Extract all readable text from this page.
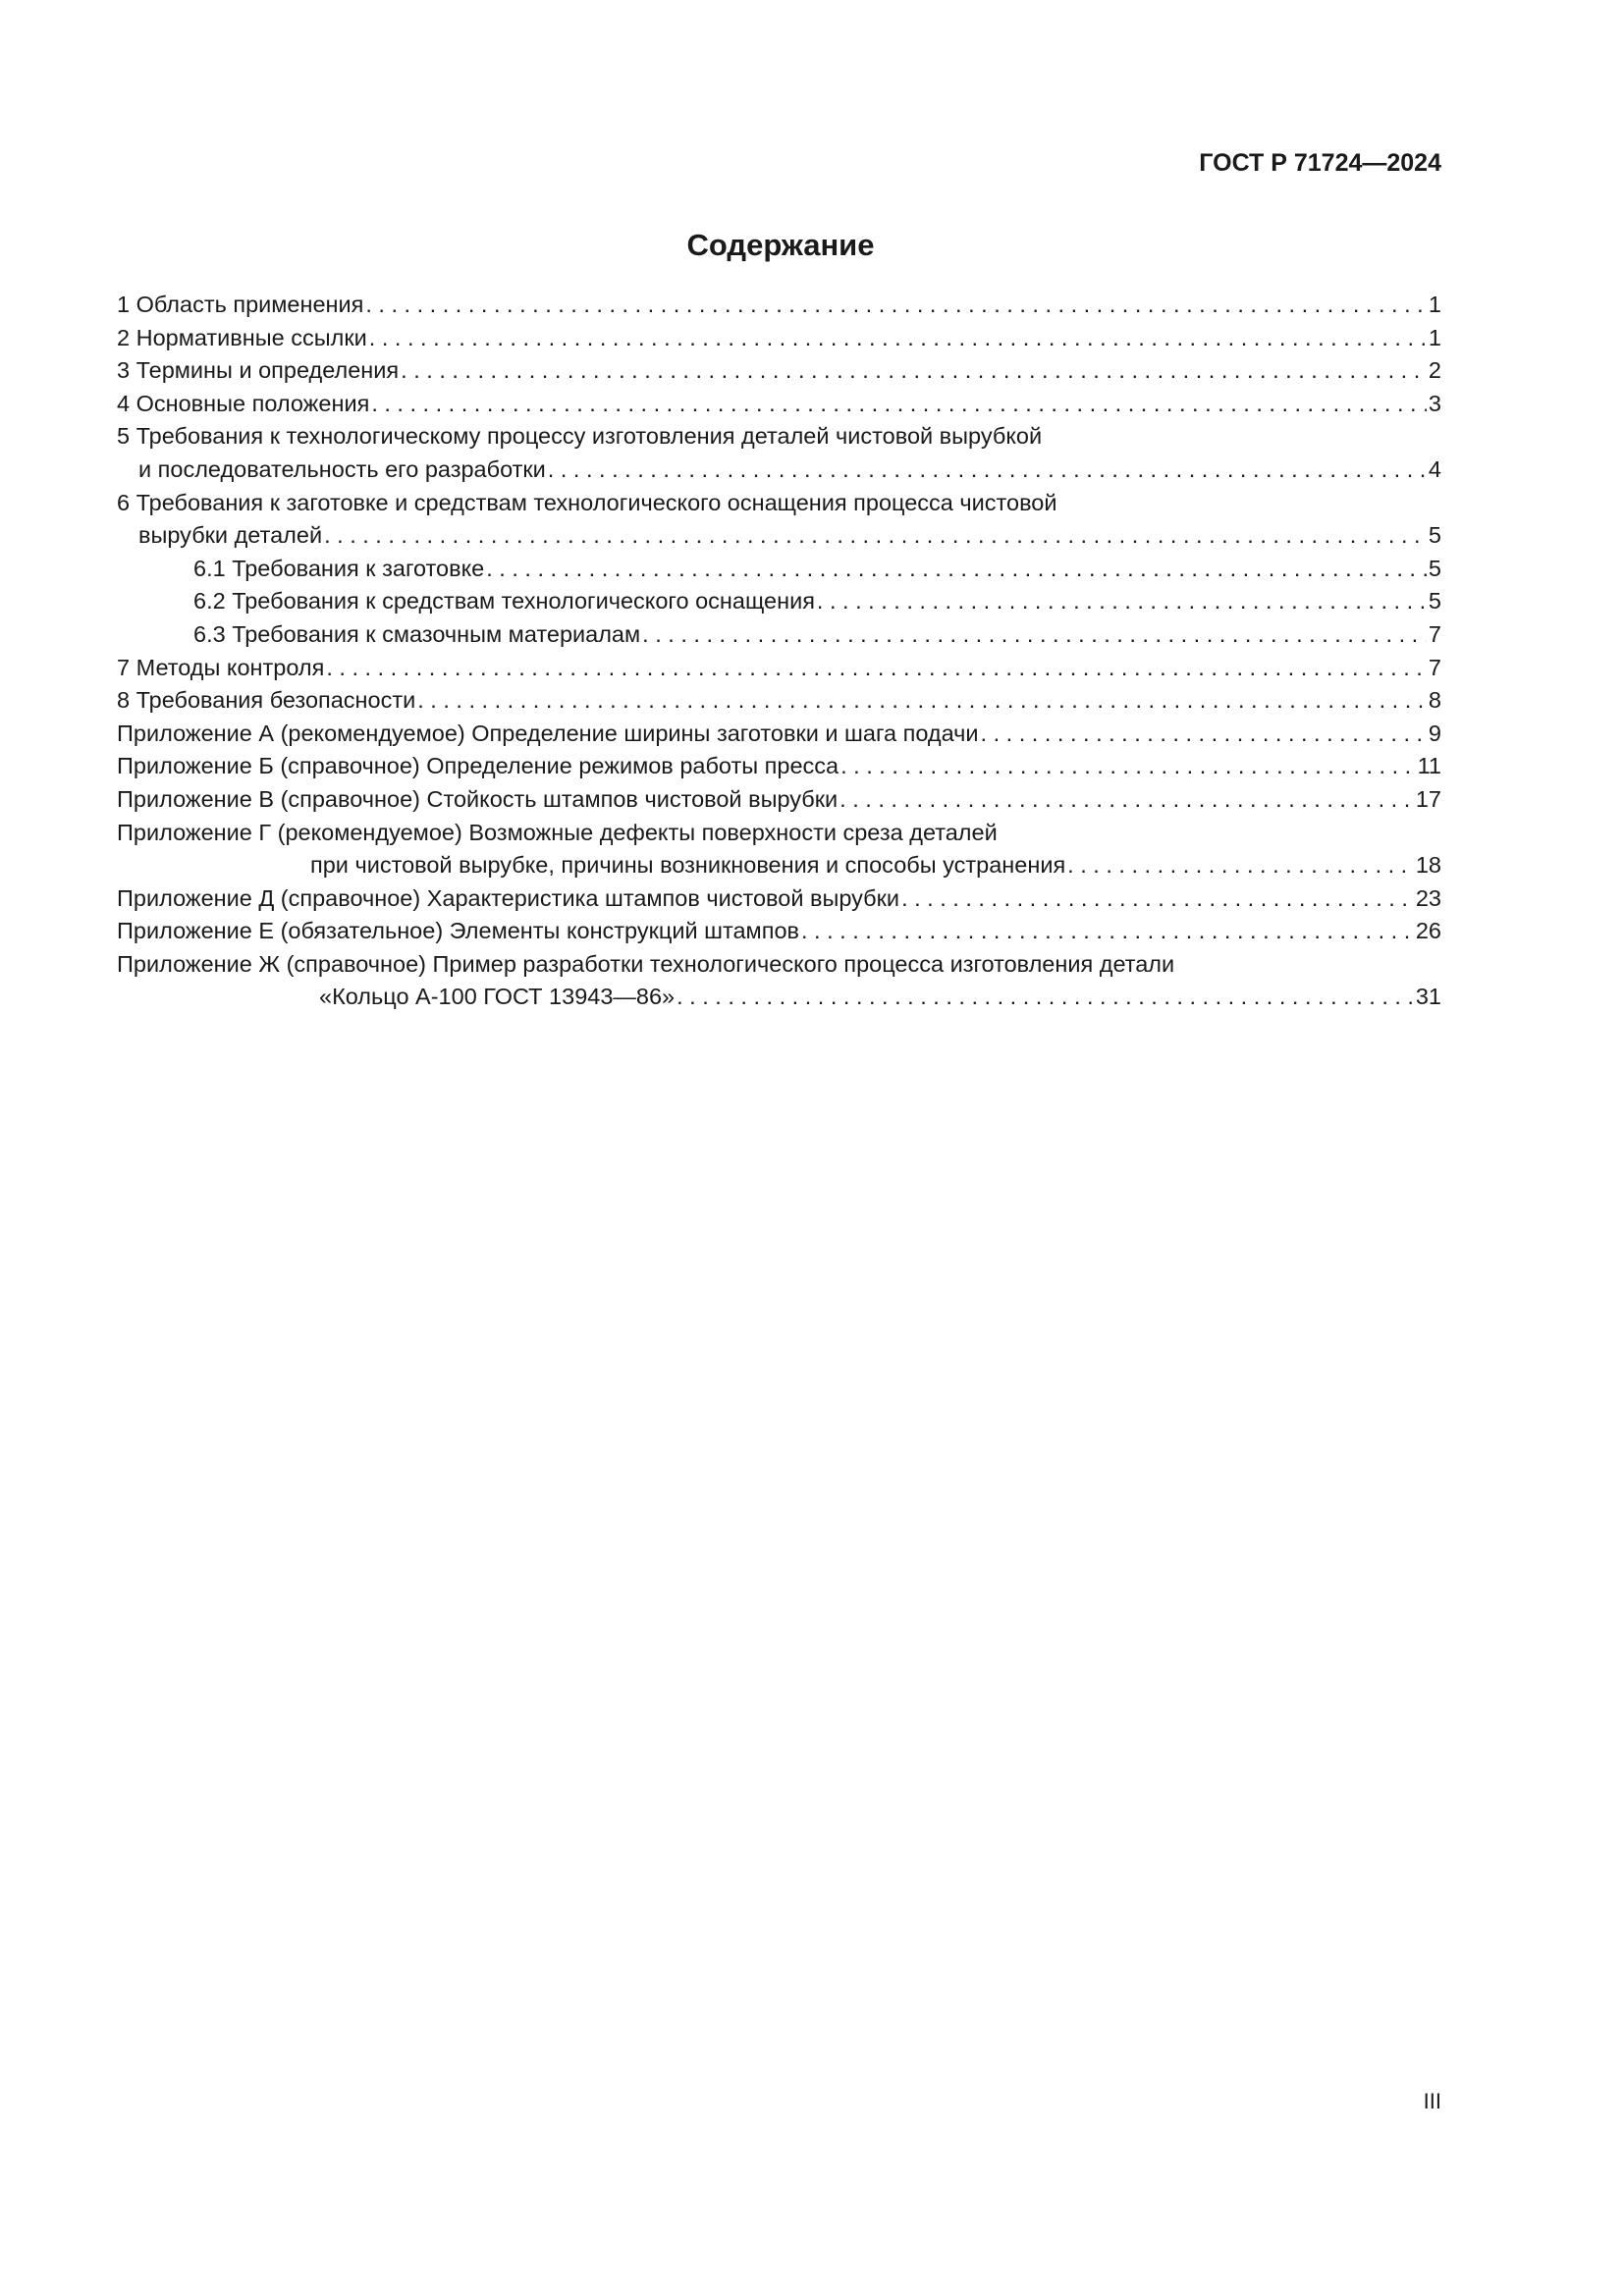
ГОСТ Р 71724—2024
Содержание
1 Область применения . . .	1
2 Нормативные ссылки . . .	1
3 Термины и определения . . .	2
4 Основные положения . . .	3
5 Требования к технологическому процессу изготовления деталей чистовой вырубкой
и последовательность его разработки . . .	4
6 Требования к заготовке и средствам технологического оснащения процесса чистовой
вырубки деталей . . .	5
6.1 Требования к заготовке . . .	5
6.2 Требования к средствам технологического оснащения . . .	5
6.3 Требования к смазочным материалам . . .	7
7 Методы контроля . . .	7
8 Требования безопасности . . .	8
Приложение А (рекомендуемое) Определение ширины заготовки и шага подачи . . .	9
Приложение Б (справочное) Определение режимов работы пресса . . .	11
Приложение В (справочное) Стойкость штампов чистовой вырубки . . .	17
Приложение Г (рекомендуемое) Возможные дефекты поверхности среза деталей
при чистовой вырубке, причины возникновения и способы устранения . . .	18
Приложение Д (справочное) Характеристика штампов чистовой вырубки . . .	23
Приложение Е (обязательное) Элементы конструкций штампов . . .	26
Приложение Ж (справочное) Пример разработки технологического процесса изготовления детали
«Кольцо А-100 ГОСТ 13943—86» . . .	31
III
